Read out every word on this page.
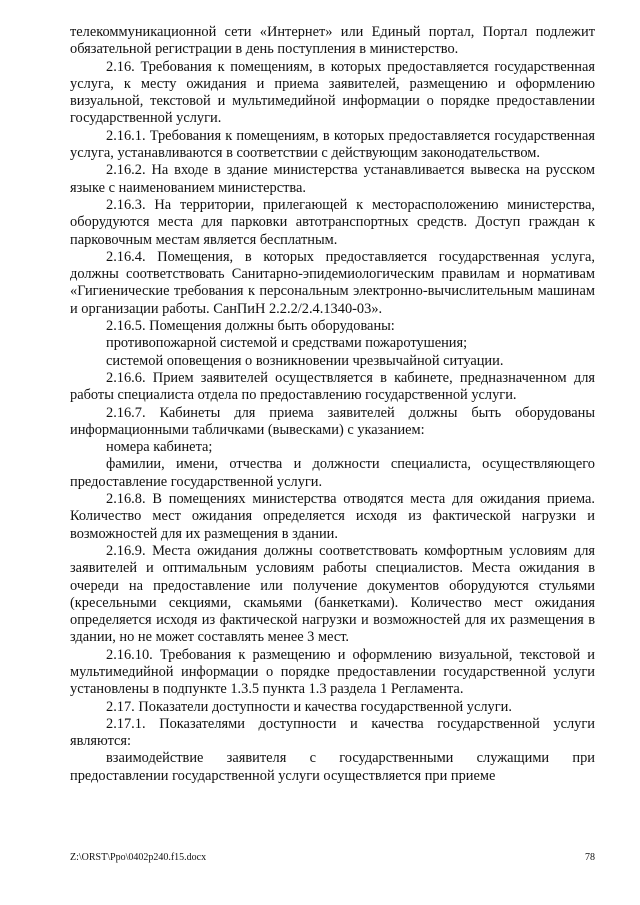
телекоммуникационной сети «Интернет» или Единый портал, Портал подлежит обязательной регистрации в день поступления в министерство.

2.16. Требования к помещениям, в которых предоставляется государственная услуга, к месту ожидания и приема заявителей, размещению и оформлению визуальной, текстовой и мультимедийной информации о порядке предоставлении государственной услуги.

2.16.1. Требования к помещениям, в которых предоставляется государственная услуга, устанавливаются в соответствии с действующим законодательством.

2.16.2. На входе в здание министерства устанавливается вывеска на русском языке с наименованием министерства.

2.16.3. На территории, прилегающей к месторасположению министерства, оборудуются места для парковки автотранспортных средств. Доступ граждан к парковочным местам является бесплатным.

2.16.4. Помещения, в которых предоставляется государственная услуга, должны соответствовать Санитарно-эпидемиологическим правилам и нормативам «Гигиенические требования к персональным электронно-вычислительным машинам и организации работы. СанПиН 2.2.2/2.4.1340-03».

2.16.5. Помещения должны быть оборудованы:

противопожарной системой и средствами пожаротушения;

системой оповещения о возникновении чрезвычайной ситуации.

2.16.6. Прием заявителей осуществляется в кабинете, предназначенном для работы специалиста отдела по предоставлению государственной услуги.

2.16.7. Кабинеты для приема заявителей должны быть оборудованы информационными табличками (вывесками) с указанием:

номера кабинета;

фамилии, имени, отчества и должности специалиста, осуществляющего предоставление государственной услуги.

2.16.8. В помещениях министерства отводятся места для ожидания приема. Количество мест ожидания определяется исходя из фактической нагрузки и возможностей для их размещения в здании.

2.16.9. Места ожидания должны соответствовать комфортным условиям для заявителей и оптимальным условиям работы специалистов. Места ожидания в очереди на предоставление или получение документов оборудуются стульями (кресельными секциями, скамьями (банкетками). Количество мест ожидания определяется исходя из фактической нагрузки и возможностей для их размещения в здании, но не может составлять менее 3 мест.

2.16.10. Требования к размещению и оформлению визуальной, текстовой и мультимедийной информации о порядке предоставлении государственной услуги установлены в подпункте 1.3.5 пункта 1.3 раздела 1 Регламента.

2.17. Показатели доступности и качества государственной услуги.

2.17.1. Показателями доступности и качества государственной услуги являются:

взаимодействие заявителя с государственными служащими при предоставлении государственной услуги осуществляется при приеме

Z:\ORST\Ppo\0402p240.f15.docx	78
